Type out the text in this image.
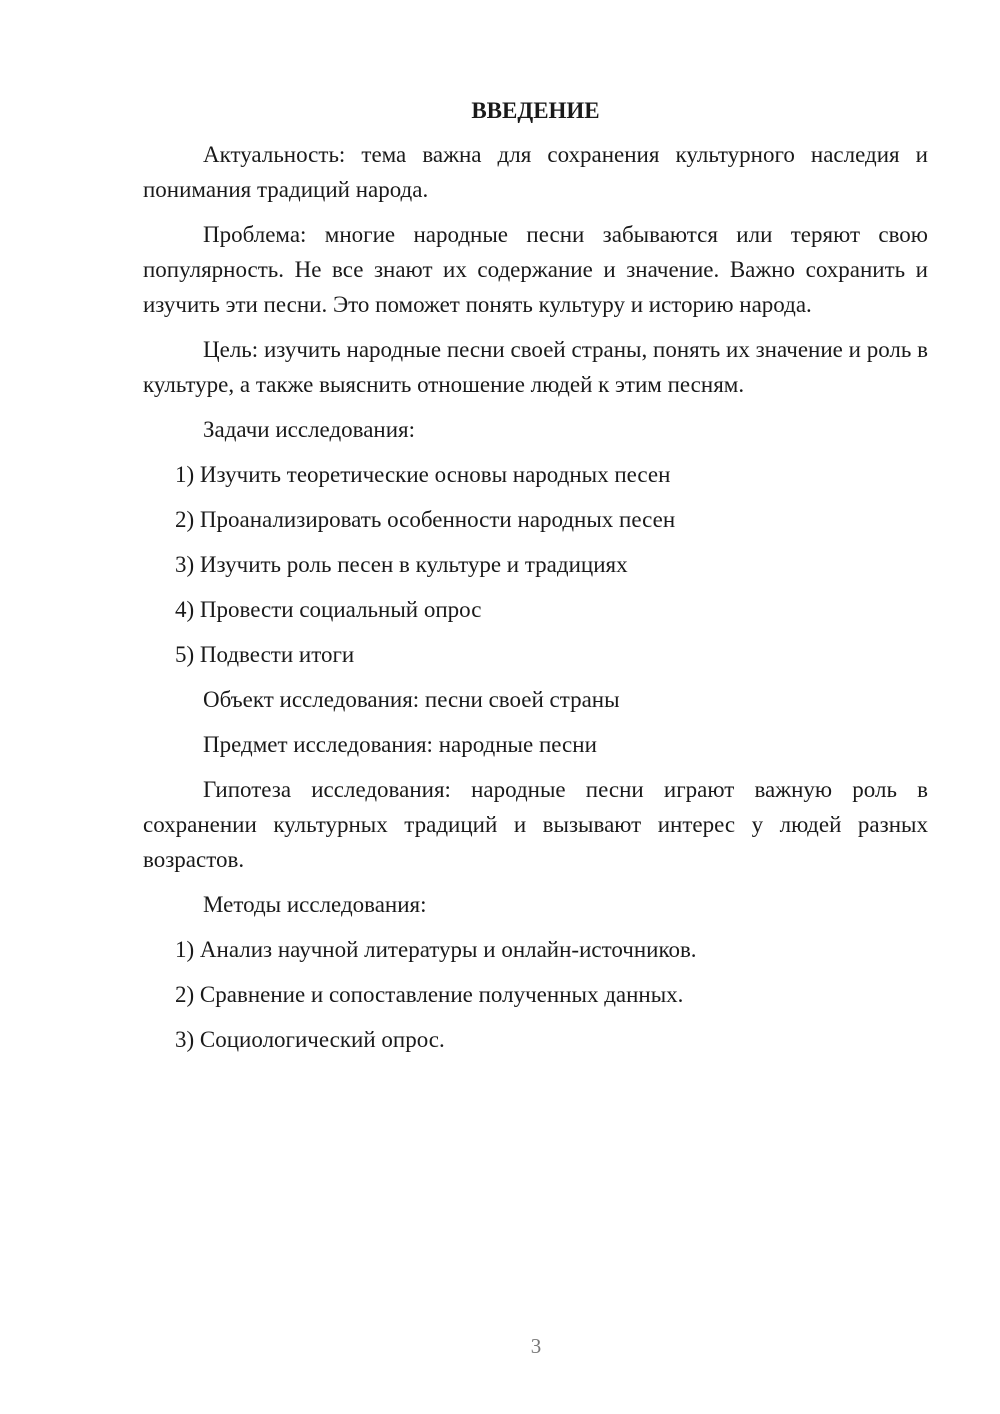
ВВЕДЕНИЕ

Актуальность: тема важна для сохранения культурного наследия и понимания традиций народа.

Проблема: многие народные песни забываются или теряют свою популярность. Не все знают их содержание и значение. Важно сохранить и изучить эти песни. Это поможет понять культуру и историю народа.

Цель: изучить народные песни своей страны, понять их значение и роль в культуре, а также выяснить отношение людей к этим песням.

Задачи исследования:
1) Изучить теоретические основы народных песен
2) Проанализировать особенности народных песен
3) Изучить роль песен в культуре и традициях
4) Провести социальный опрос
5) Подвести итоги
Объект исследования: песни своей страны
Предмет исследования: народные песни

Гипотеза исследования: народные песни играют важную роль в сохранении культурных традиций и вызывают интерес у людей разных возрастов.

Методы исследования:
1) Анализ научной литературы и онлайн-источников.
2) Сравнение и сопоставление полученных данных.
3) Социологический опрос.
3
